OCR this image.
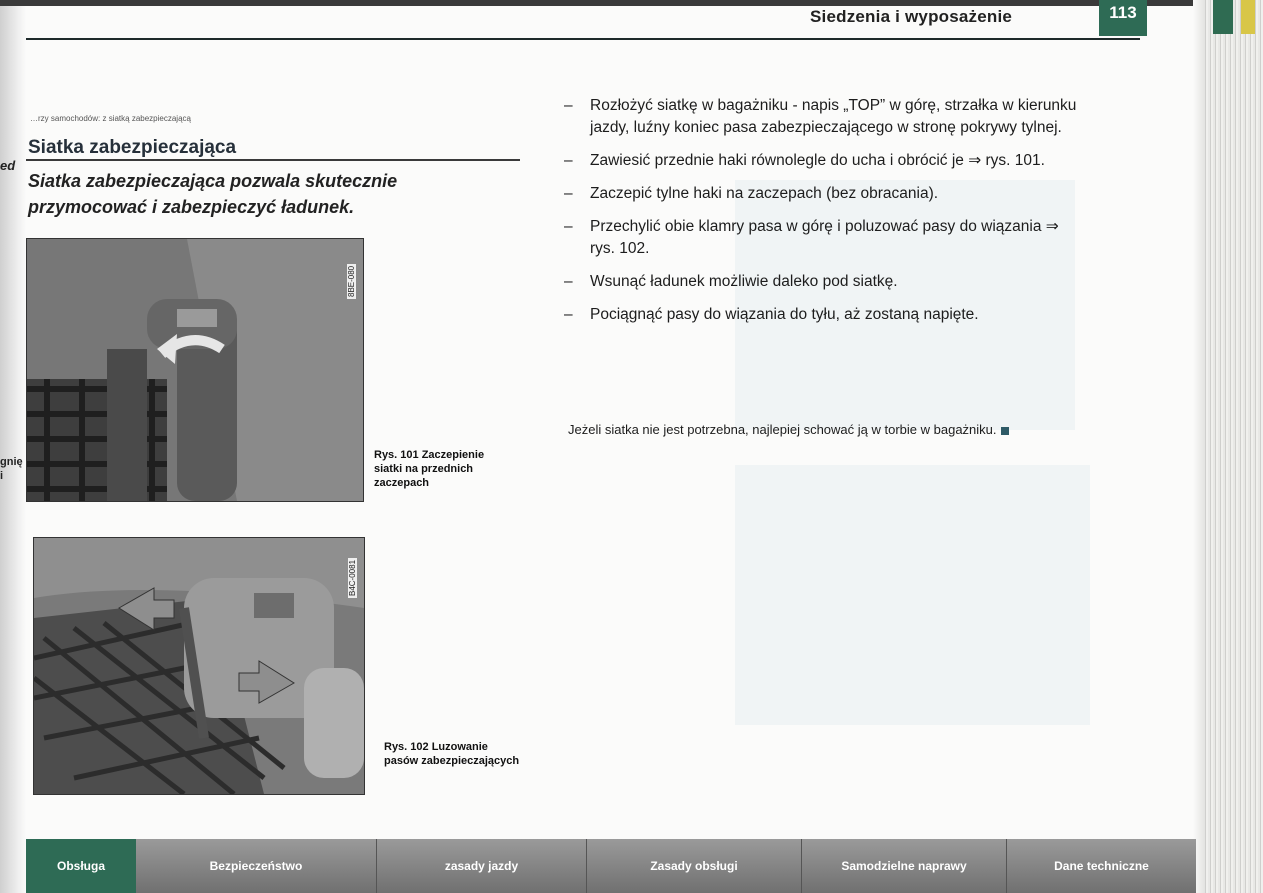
Siedzenia i wyposażenie	113
…rzy samochodów: z siatką zabezpieczającą
Siatka zabezpieczająca
Siatka zabezpieczająca pozwala skutecznie przymocować i zabezpieczyć ładunek.
ed
gnię
i
8BE-080
Rys. 101 Zaczepienie siatki na przednich zaczepach
B4C-0081
Rys. 102 Luzowanie pasów zabezpieczających
– Rozłożyć siatkę w bagażniku - napis „TOP” w górę, strzałka w kierunku jazdy, luźny koniec pasa zabezpieczającego w stronę pokrywy tylnej.
– Zawiesić przednie haki równolegle do ucha i obrócić je ⇒ rys. 101.
– Zaczepić tylne haki na zaczepach (bez obracania).
– Przechylić obie klamry pasa w górę i poluzować pasy do wiązania ⇒ rys. 102.
– Wsunąć ładunek możliwie daleko pod siatkę.
– Pociągnąć pasy do wiązania do tyłu, aż zostaną napięte.
Jeżeli siatka nie jest potrzebna, najlepiej schować ją w torbie w bagażniku.
Obsługa	Bezpieczeństwo	zasady jazdy	Zasady obsługi	Samodzielne naprawy	Dane techniczne
